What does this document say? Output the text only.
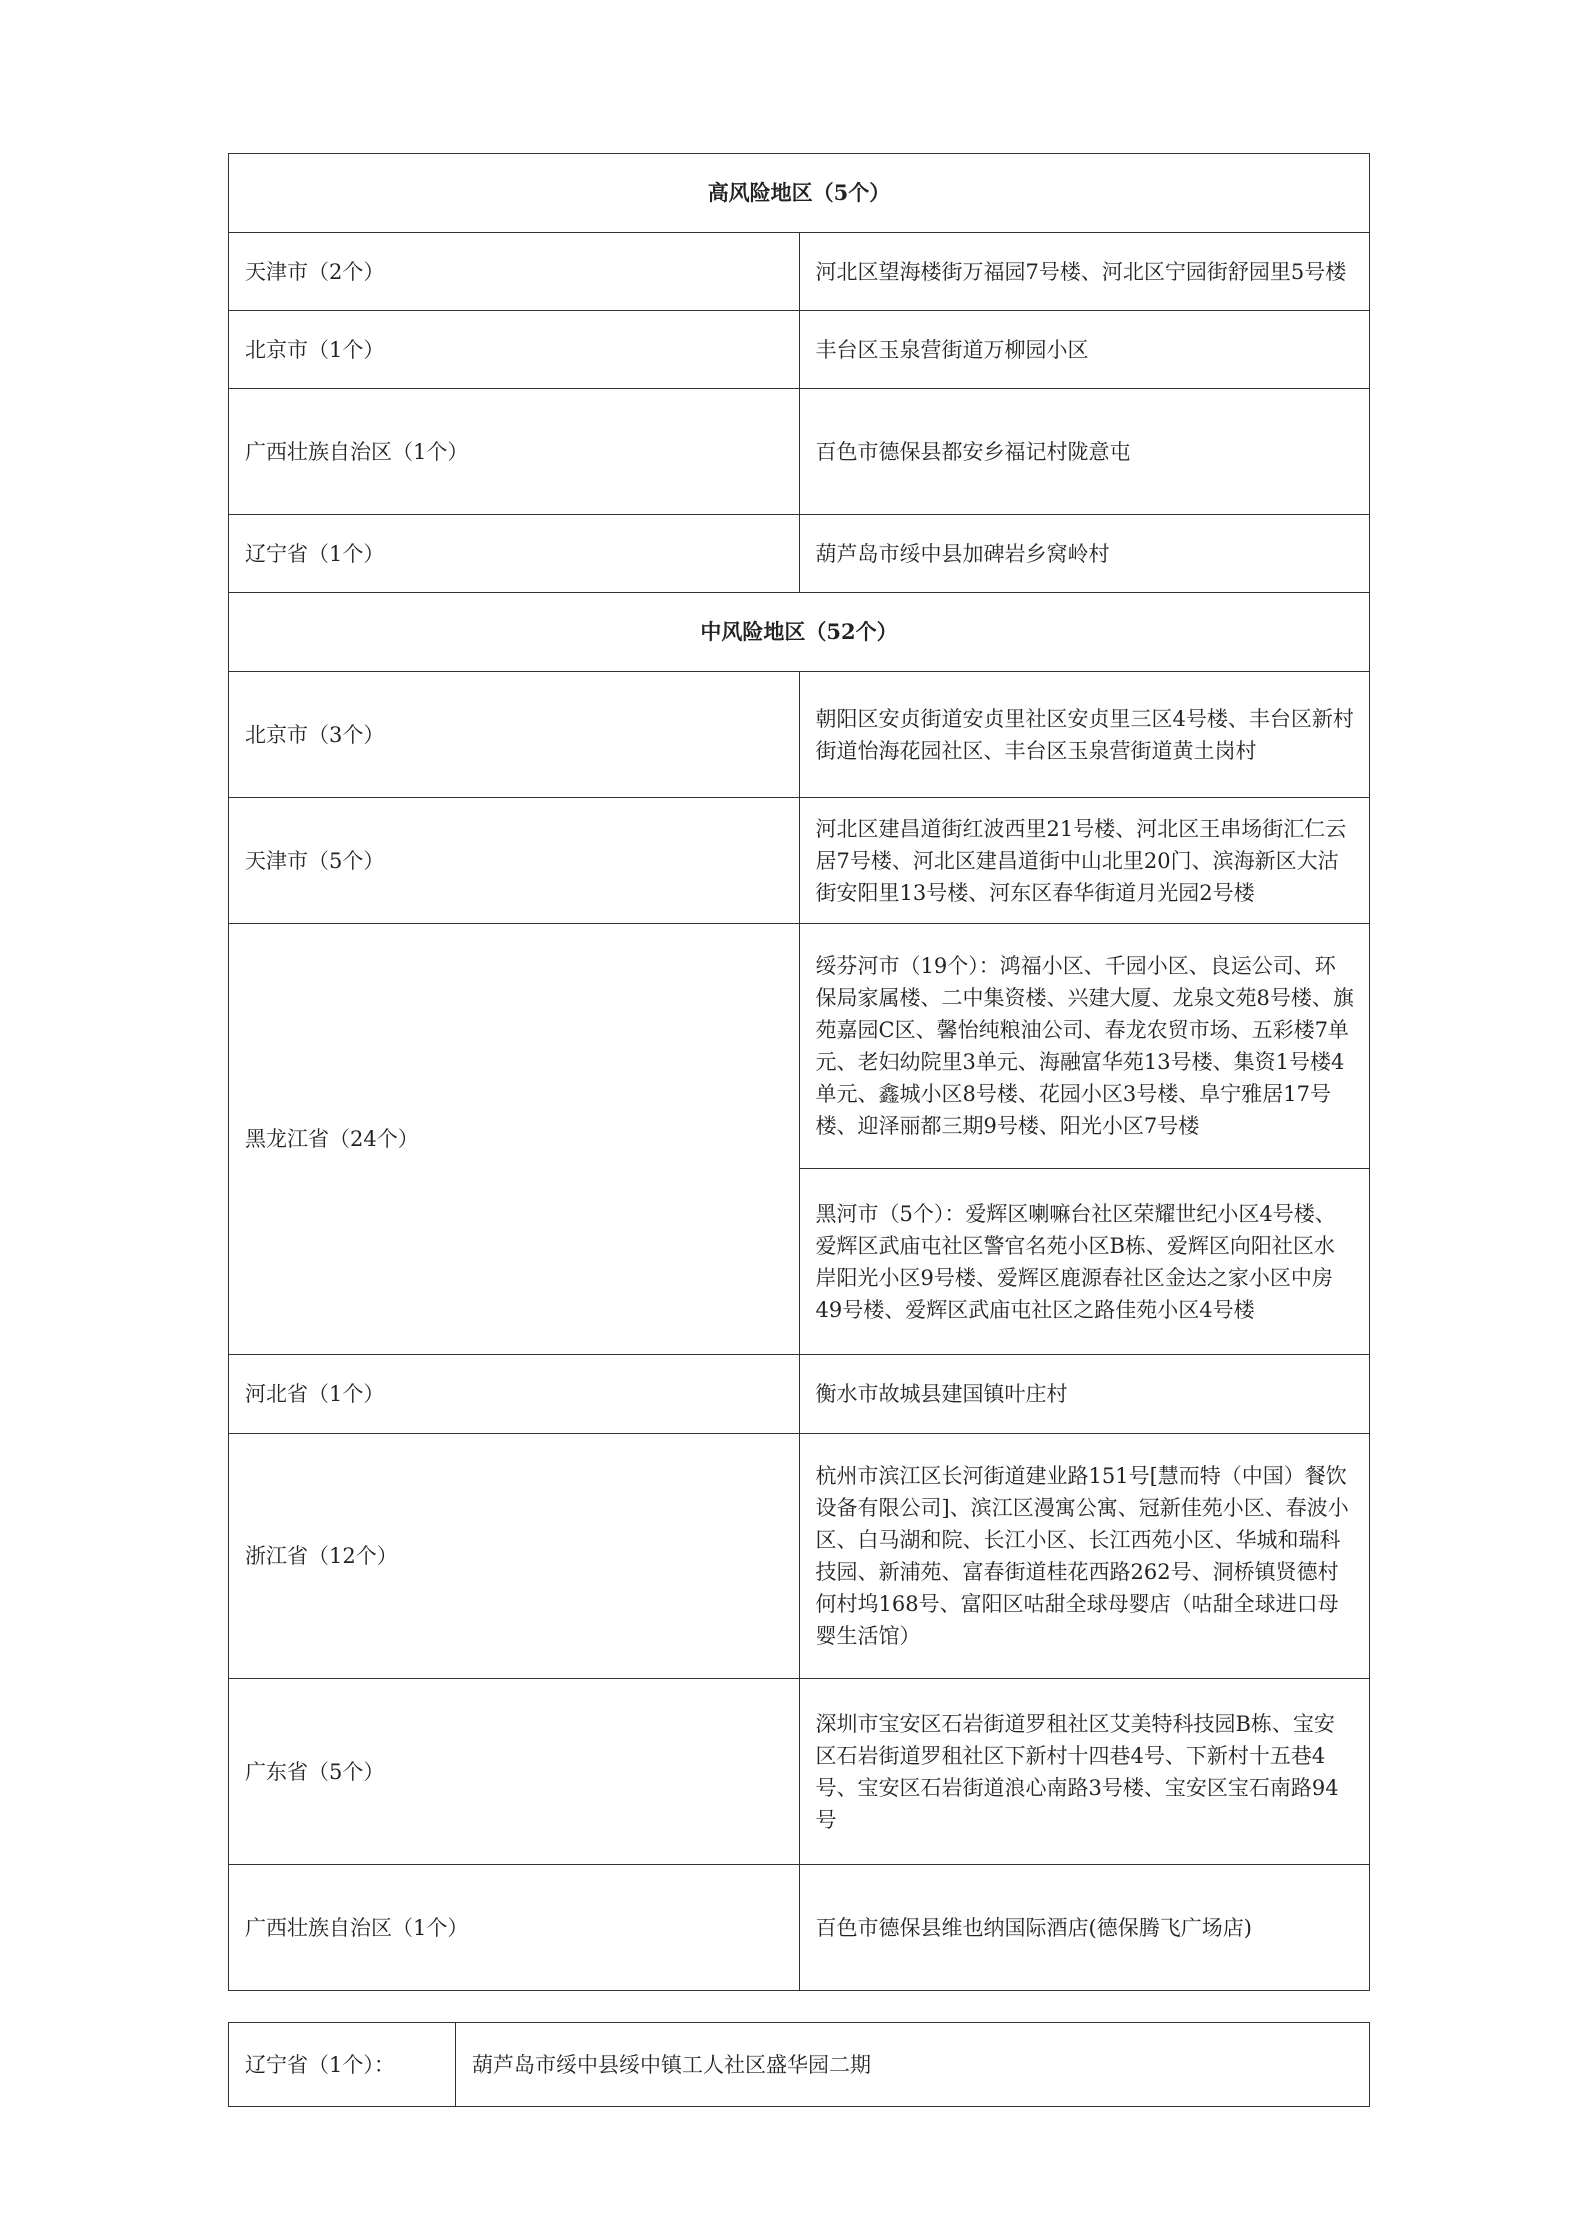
高风险地区（5个）	
天津市（2个）	河北区望海楼街万福园7号楼、河北区宁园街舒园里5号楼
北京市（1个）	丰台区玉泉营街道万柳园小区
广西壮族自治区（1个）	百色市德保县都安乡福记村陇意屯
辽宁省（1个）	葫芦岛市绥中县加碑岩乡窝岭村
中风险地区（52个）	
北京市（3个）	朝阳区安贞街道安贞里社区安贞里三区4号楼、丰台区新村街道怡海花园社区、丰台区玉泉营街道黄土岗村
天津市（5个）	河北区建昌道街红波西里21号楼、河北区王串场街汇仁云居7号楼、河北区建昌道街中山北里20门、滨海新区大沽街安阳里13号楼、河东区春华街道月光园2号楼
黑龙江省（24个）	绥芬河市（19个）：鸿福小区、千园小区、良运公司、环保局家属楼、二中集资楼、兴建大厦、龙泉文苑8号楼、旗苑嘉园C区、馨怡纯粮油公司、春龙农贸市场、五彩楼7单元、老妇幼院里3单元、海融富华苑13号楼、集资1号楼4单元、鑫城小区8号楼、花园小区3号楼、阜宁雅居17号楼、迎泽丽都三期9号楼、阳光小区7号楼
	黑河市（5个）：爱辉区喇嘛台社区荣耀世纪小区4号楼、爱辉区武庙屯社区警官名苑小区B栋、爱辉区向阳社区水岸阳光小区9号楼、爱辉区鹿源春社区金达之家小区中房49号楼、爱辉区武庙屯社区之路佳苑小区4号楼
河北省（1个）	衡水市故城县建国镇叶庄村
浙江省（12个）	杭州市滨江区长河街道建业路151号[慧而特（中国）餐饮设备有限公司]、滨江区漫寓公寓、冠新佳苑小区、春波小区、白马湖和院、长江小区、长江西苑小区、华城和瑞科技园、新浦苑、富春街道桂花西路262号、洞桥镇贤德村何村坞168号、富阳区咕甜全球母婴店（咕甜全球进口母婴生活馆）
广东省（5个）	深圳市宝安区石岩街道罗租社区艾美特科技园B栋、宝安区石岩街道罗租社区下新村十四巷4号、下新村十五巷4号、宝安区石岩街道浪心南路3号楼、宝安区宝石南路94号
广西壮族自治区（1个）	百色市德保县维也纳国际酒店(德保腾飞广场店)
辽宁省（1个）：	葫芦岛市绥中县绥中镇工人社区盛华园二期
